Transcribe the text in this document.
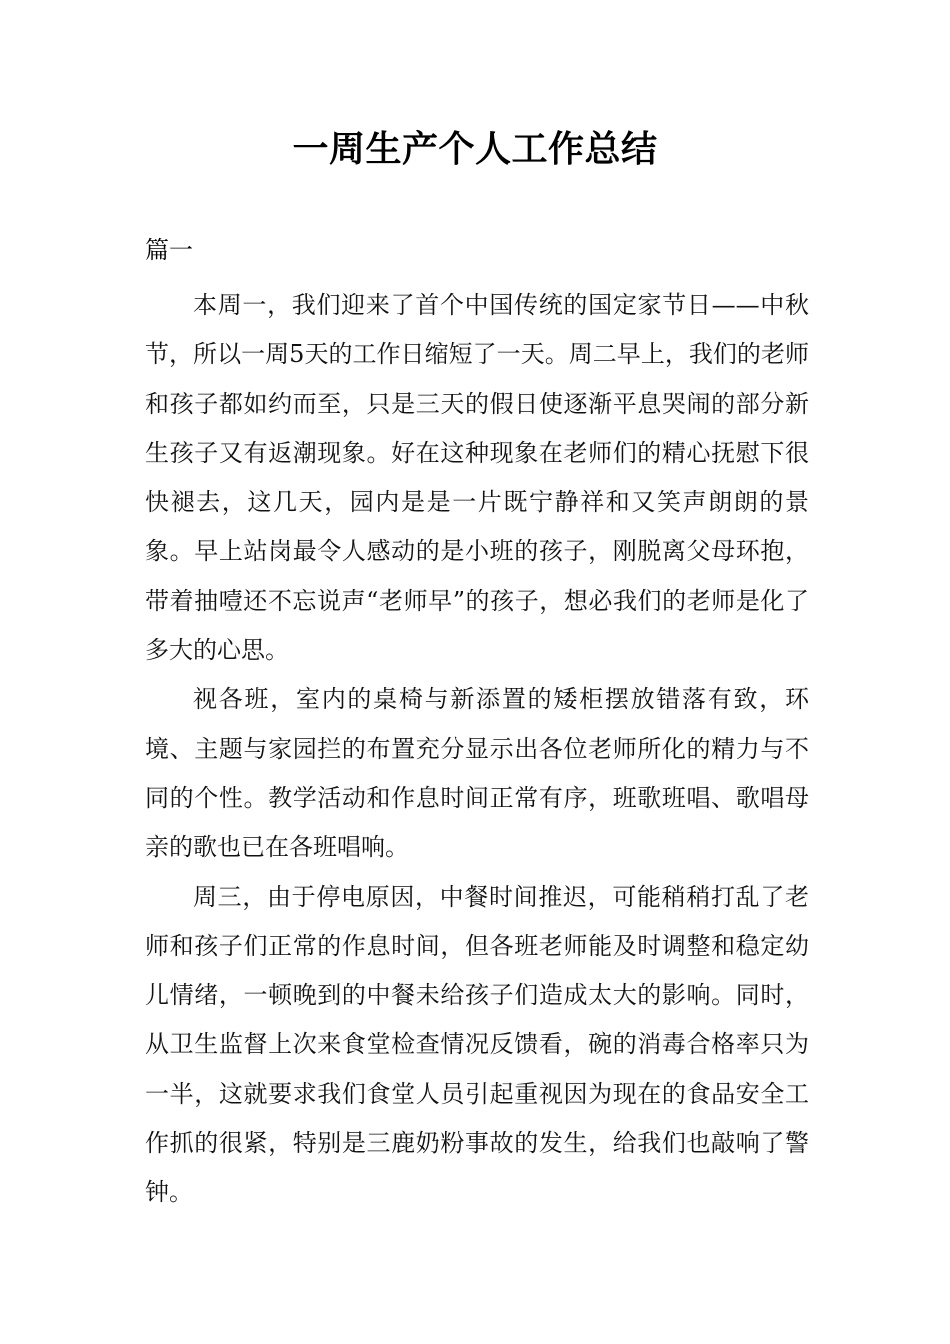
一周生产个人工作总结
篇一

本周一，我们迎来了首个中国传统的国定家节日——中秋节，所以一周5天的工作日缩短了一天。周二早上，我们的老师和孩子都如约而至，只是三天的假日使逐渐平息哭闹的部分新生孩子又有返潮现象。好在这种现象在老师们的精心抚慰下很快褪去，这几天，园内是是一片既宁静祥和又笑声朗朗的景象。早上站岗最令人感动的是小班的孩子，刚脱离父母环抱，带着抽噎还不忘说声“老师早”的孩子，想必我们的老师是化了多大的心思。

视各班，室内的桌椅与新添置的矮柜摆放错落有致，环境、主题与家园拦的布置充分显示出各位老师所化的精力与不同的个性。教学活动和作息时间正常有序，班歌班唱、歌唱母亲的歌也已在各班唱响。

周三，由于停电原因，中餐时间推迟，可能稍稍打乱了老师和孩子们正常的作息时间，但各班老师能及时调整和稳定幼儿情绪，一顿晚到的中餐未给孩子们造成太大的影响。同时，从卫生监督上次来食堂检查情况反馈看，碗的消毒合格率只为一半，这就要求我们食堂人员引起重视因为现在的食品安全工作抓的很紧，特别是三鹿奶粉事故的发生，给我们也敲响了警钟。
